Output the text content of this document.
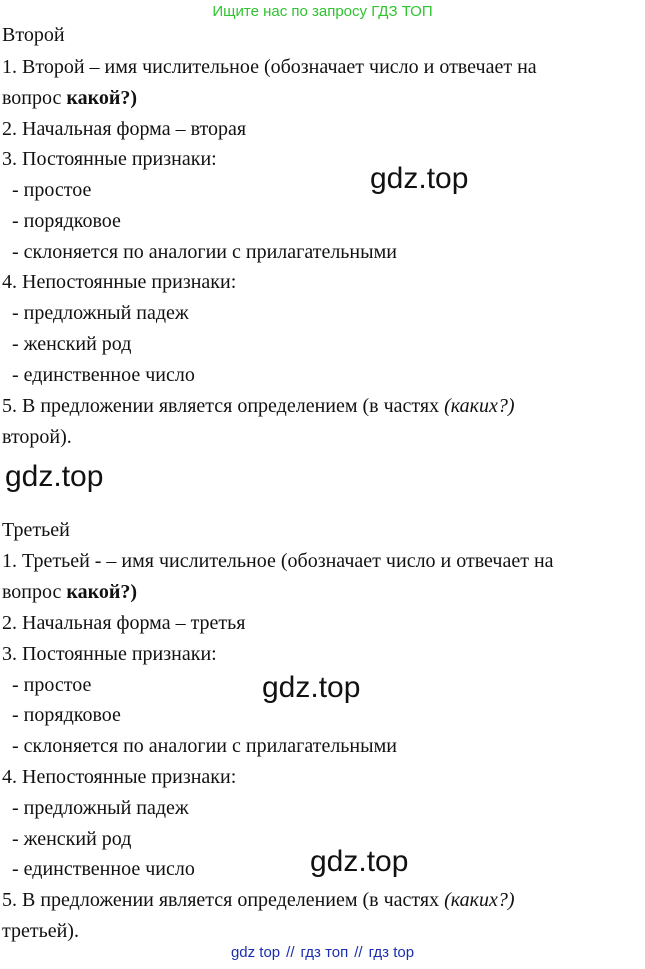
Ищите нас по запросу ГДЗ ТОП
Второй
1. Второй – имя числительное (обозначает число и отвечает на
вопрос какой?)
2. Начальная форма – вторая
3. Постоянные признаки:
- простое
- порядковое
- склоняется по аналогии с прилагательными
4. Непостоянные признаки:
- предложный падеж
- женский род
- единственное число
5. В предложении является определением (в частях (каких?)
второй).
Третьей
1. Третьей - – имя числительное (обозначает число и отвечает на
вопрос какой?)
2. Начальная форма – третья
3. Постоянные признаки:
- простое
- порядковое
- склоняется по аналогии с прилагательными
4. Непостоянные признаки:
- предложный падеж
- женский род
- единственное число
5. В предложении является определением (в частях (каких?)
третьей).
gdz.top
gdz.top
gdz.top
gdz.top
gdz top // гдз топ // гдз top
